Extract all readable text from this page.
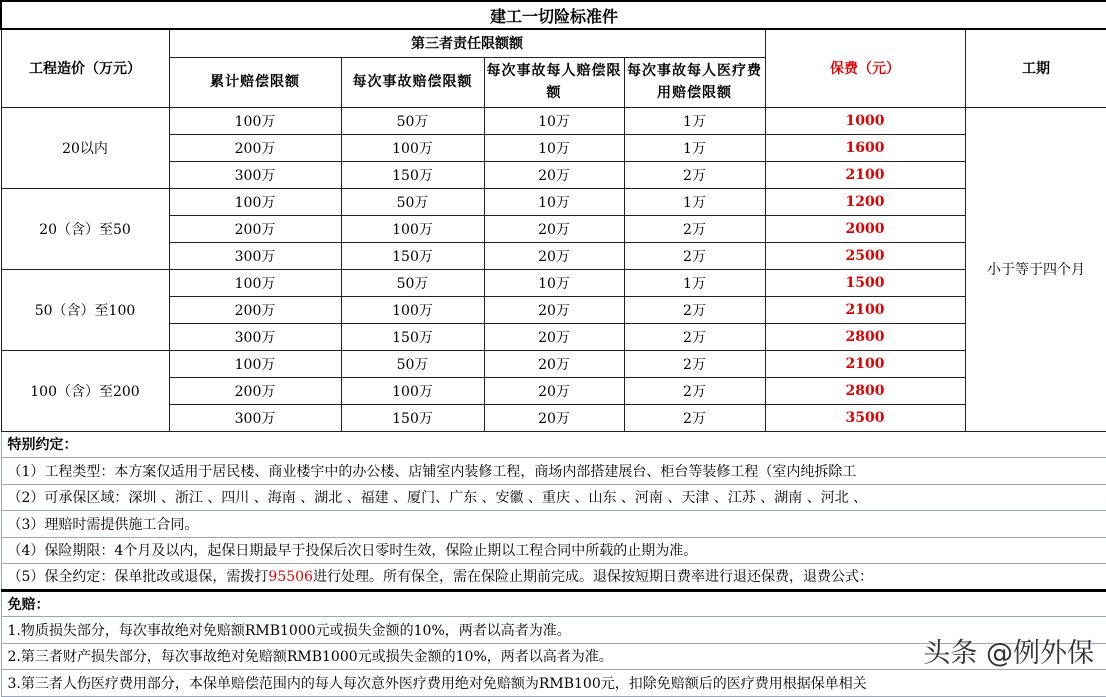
建工一切险标准件						
工程造价（万元）	第三者责任限额额				保费（元）	工期
	累计赔偿限额	每次事故赔偿限额	每次事故每人赔偿限额	每次事故每人医疗费用赔偿限额		
20以内	100万	50万	10万	1万	1000	小于等于四个月
	200万	100万	10万	1万	1600	
	300万	150万	20万	2万	2100	
20（含）至50	100万	50万	10万	1万	1200	
	200万	100万	20万	2万	2000	
	300万	150万	20万	2万	2500	
50（含）至100	100万	50万	10万	1万	1500	
	200万	100万	20万	2万	2100	
	300万	150万	20万	2万	2800	
100（含）至200	100万	50万	20万	2万	2100	
	200万	100万	20万	2万	2800	
	300万	150万	20万	2万	3500	
特别约定：						
（1）工程类型：本方案仅适用于居民楼、商业楼宇中的办公楼、店铺室内装修工程，商场内部搭建展台、柜台等装修工程（室内纯拆除工						
（2）可承保区域：深圳 、浙江 、四川 、海南 、湖北 、福建 、厦门、广东 、安徽 、重庆 、山东 、河南 、天津 、江苏 、湖南 、河北 、						
（3）理赔时需提供施工合同。						
（4）保险期限：4个月及以内，起保日期最早于投保后次日零时生效，保险止期以工程合同中所载的止期为准。						
（5）保全约定：保单批改或退保，需拨打95506进行处理。所有保全，需在保险止期前完成。退保按短期日费率进行退还保费，退费公式：						
免赔：						
1.物质损失部分，每次事故绝对免赔额RMB1000元或损失金额的10%，两者以高者为准。						
2.第三者财产损失部分，每次事故绝对免赔额RMB1000元或损失金额的10%，两者以高者为准。						
3.第三者人伤医疗费用部分，本保单赔偿范围内的每人每次意外医疗费用绝对免赔额为RMB100元，扣除免赔额后的医疗费用根据保单相关						
头条 @例外保
